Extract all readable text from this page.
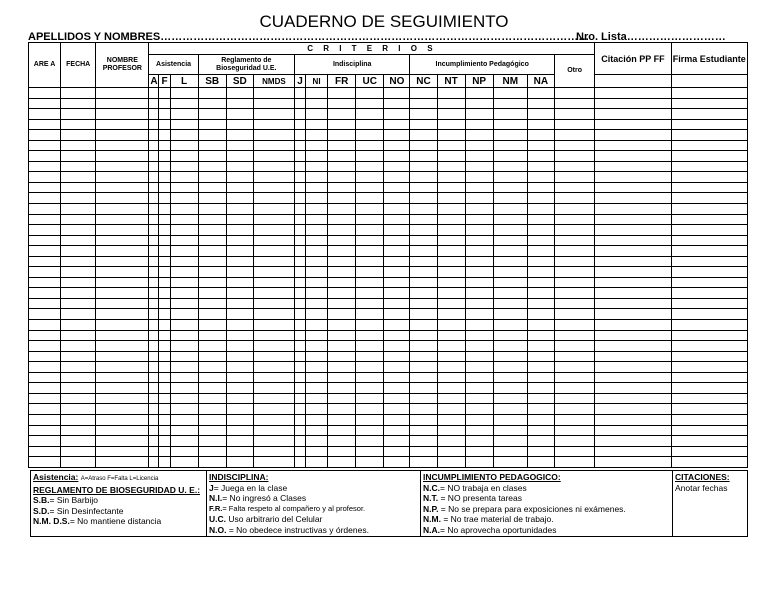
CUADERNO DE SEGUIMIENTO
APELLIDOS Y NOMBRES………………………………………………………………………………………………………
Nro. Lista………………………
ARE A	FECHA	NOMBRE PROFESOR	C R I T E R I O S																	Citación PP FF	Firma Estudiante
			Asistencia			Reglamento de Bioseguridad U.E.			Indisciplina					Incumplimiento Pedagógico					Otro		
			A	F	L	SB	SD	NMDS	J	NI	FR	UC	NO	NC	NT	NP	NM	NA			

Asistencia: A=Atraso F=Falta L=Licencia

REGLAMENTO DE BIOSEGURIDAD U. E.:
S.B.= Sin Barbijo
S.D.= Sin Desinfectante
N.M. D.S.= No mantiene distancia
	INDISCIPLINA:
J= Juega en la clase
N.I.= No ingresó a Clases
F.R.= Falta respeto al compañero y al profesor.
U.C. Uso arbitrario del Celular
N.O. = No obedece instructivas y órdenes.
	INCUMPLIMIENTO PEDAGOGICO:
N.C.= NO trabaja en clases
N.T. = NO presenta tareas
N.P. = No se prepara para exposiciones ni exámenes.
N.M. = No trae material de trabajo.
N.A.= No aprovecha oportunidades
	CITACIONES:
Anotar fechas
